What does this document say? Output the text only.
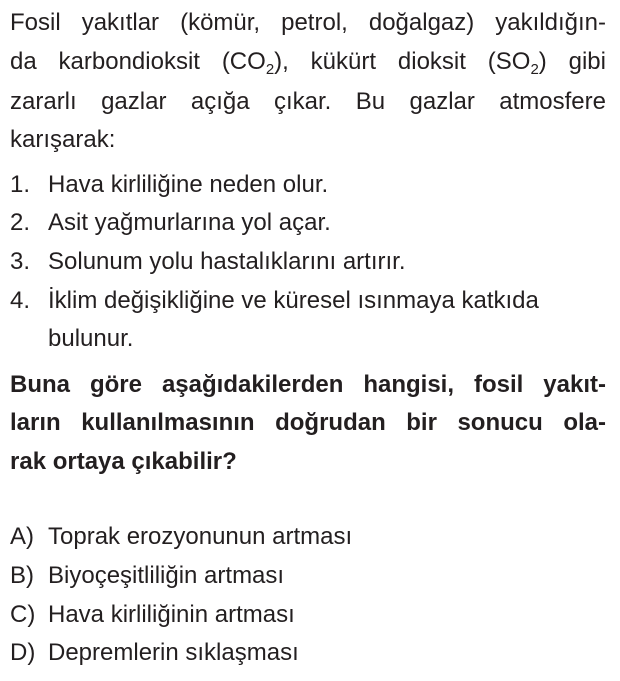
Fosil yakıtlar (kömür, petrol, doğalgaz) yakıldığın-
da karbondioksit $(CO_2)$, kükürt dioksit $(SO_2)$ gibi
zararlı gazlar açığa çıkar. Bu gazlar atmosfere
karışarak:
1. Hava kirliliğine neden olur.
2. Asit yağmurlarına yol açar.
3. Solunum yolu hastalıklarını artırır.
4. İklim değişikliğine ve küresel ısınmaya katkıda
bulunur.
Buna göre aşağıdakilerden hangisi, fosil yakıt-
ların kullanılmasının doğrudan bir sonucu ola-
rak ortaya çıkabilir?
A) Toprak erozyonunun artması
B) Biyoçeşitliliğin artması
C) Hava kirliliğinin artması
D) Depremlerin sıklaşması
